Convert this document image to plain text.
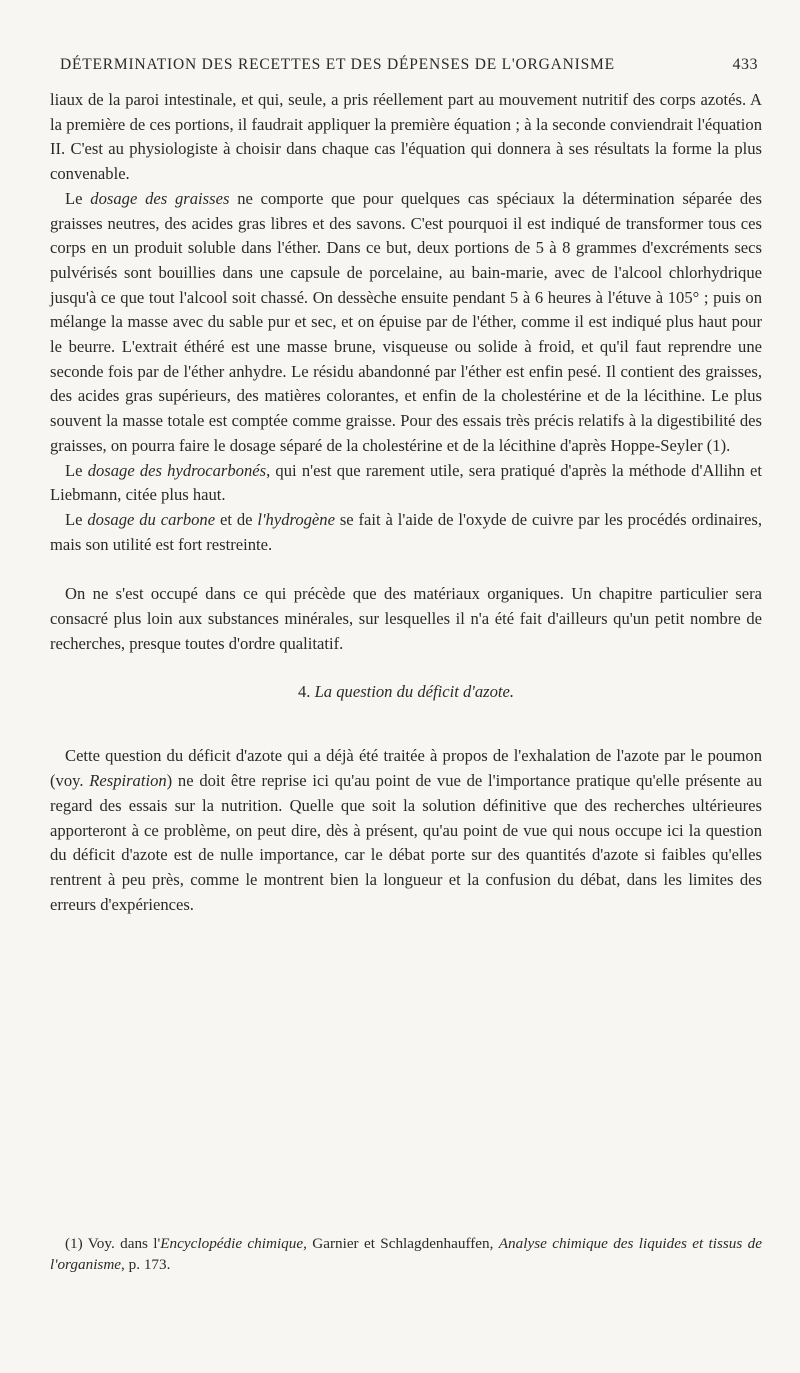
DÉTERMINATION DES RECETTES ET DES DÉPENSES DE L'ORGANISME	433

liaux de la paroi intestinale, et qui, seule, a pris réellement part au mouvement nutritif des corps azotés. A la première de ces portions, il faudrait appliquer la première équation ; à la seconde conviendrait l'équation II. C'est au physiologiste à choisir dans chaque cas l'équation qui donnera à ses résultats la forme la plus convenable.

Le dosage des graisses ne comporte que pour quelques cas spéciaux la détermination séparée des graisses neutres, des acides gras libres et des savons. C'est pourquoi il est indiqué de transformer tous ces corps en un produit soluble dans l'éther. Dans ce but, deux portions de 5 à 8 grammes d'excréments secs pulvérisés sont bouillies dans une capsule de porcelaine, au bain-marie, avec de l'alcool chlorhydrique jusqu'à ce que tout l'alcool soit chassé. On dessèche ensuite pendant 5 à 6 heures à l'étuve à 105° ; puis on mélange la masse avec du sable pur et sec, et on épuise par de l'éther, comme il est indiqué plus haut pour le beurre. L'extrait éthéré est une masse brune, visqueuse ou solide à froid, et qu'il faut reprendre une seconde fois par de l'éther anhydre. Le résidu abandonné par l'éther est enfin pesé. Il contient des graisses, des acides gras supérieurs, des matières colorantes, et enfin de la cholestérine et de la lécithine. Le plus souvent la masse totale est comptée comme graisse. Pour des essais très précis relatifs à la digestibilité des graisses, on pourra faire le dosage séparé de la cholestérine et de la lécithine d'après Hoppe-Seyler (1).

Le dosage des hydrocarbonés, qui n'est que rarement utile, sera pratiqué d'après la méthode d'Allihn et Liebmann, citée plus haut.

Le dosage du carbone et de l'hydrogène se fait à l'aide de l'oxyde de cuivre par les procédés ordinaires, mais son utilité est fort restreinte.

On ne s'est occupé dans ce qui précède que des matériaux organiques. Un chapitre particulier sera consacré plus loin aux substances minérales, sur lesquelles il n'a été fait d'ailleurs qu'un petit nombre de recherches, presque toutes d'ordre qualitatif.

4. La question du déficit d'azote.

Cette question du déficit d'azote qui a déjà été traitée à propos de l'exhalation de l'azote par le poumon (voy. Respiration) ne doit être reprise ici qu'au point de vue de l'importance pratique qu'elle présente au regard des essais sur la nutrition. Quelle que soit la solution définitive que des recherches ultérieures apporteront à ce problème, on peut dire, dès à présent, qu'au point de vue qui nous occupe ici la question du déficit d'azote est de nulle importance, car le débat porte sur des quantités d'azote si faibles qu'elles rentrent à peu près, comme le montrent bien la longueur et la confusion du débat, dans les limites des erreurs d'expériences.

(1) Voy. dans l'Encyclopédie chimique, Garnier et Schlagdenhauffen, Analyse chimique des liquides et tissus de l'organisme, p. 173.
